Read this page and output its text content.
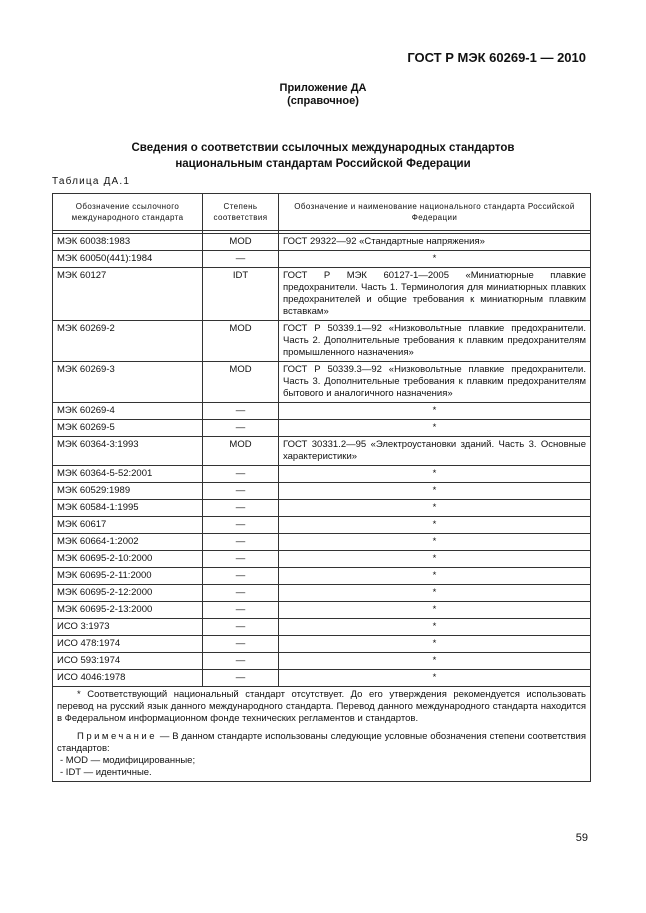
ГОСТ Р МЭК 60269-1 — 2010
Приложение ДА
(справочное)
Сведения о соответствии ссылочных международных стандартов
национальным стандартам Российской Федерации
Таблица ДА.1
Обозначение ссылочного международного стандарта	Степень соответствия	Обозначение и наименование национального стандарта Российской Федерации

МЭК 60038:1983	MOD	ГОСТ 29322—92 «Стандартные напряжения»
МЭК 60050(441):1984	—	*
МЭК 60127	IDT	ГОСТ Р МЭК 60127-1—2005 «Миниатюрные плавкие предохранители. Часть 1. Терминология для миниатюрных плавких предохранителей и общие требования к миниатюрным плавким вставкам»
МЭК 60269-2	MOD	ГОСТ Р 50339.1—92 «Низковольтные плавкие предохранители. Часть 2. Дополнительные требования к плавким предохранителям промышленного назначения»
МЭК 60269-3	MOD	ГОСТ Р 50339.3—92 «Низковольтные плавкие предохранители. Часть 3. Дополнительные требования к плавким предохранителям бытового и аналогичного назначения»
МЭК 60269-4	—	*
МЭК 60269-5	—	*
МЭК 60364-3:1993	MOD	ГОСТ 30331.2—95 «Электроустановки зданий. Часть 3. Основные характеристики»
МЭК 60364-5-52:2001	—	*
МЭК 60529:1989	—	*
МЭК 60584-1:1995	—	*
МЭК 60617	—	*
МЭК 60664-1:2002	—	*
МЭК 60695-2-10:2000	—	*
МЭК 60695-2-11:2000	—	*
МЭК 60695-2-12:2000	—	*
МЭК 60695-2-13:2000	—	*
ИСО 3:1973	—	*
ИСО 478:1974	—	*
ИСО 593:1974	—	*
ИСО 4046:1978	—	*

* Соответствующий национальный стандарт отсутствует. До его утверждения рекомендуется использовать перевод на русский язык данного международного стандарта. Перевод данного международного стандарта находится в Федеральном информационном фонде технических регламентов и стандартов.

Примечание — В данном стандарте использованы следующие условные обозначения степени соответствия стандартов:

- MOD — модифицированные;

- IDT — идентичные.		

59
